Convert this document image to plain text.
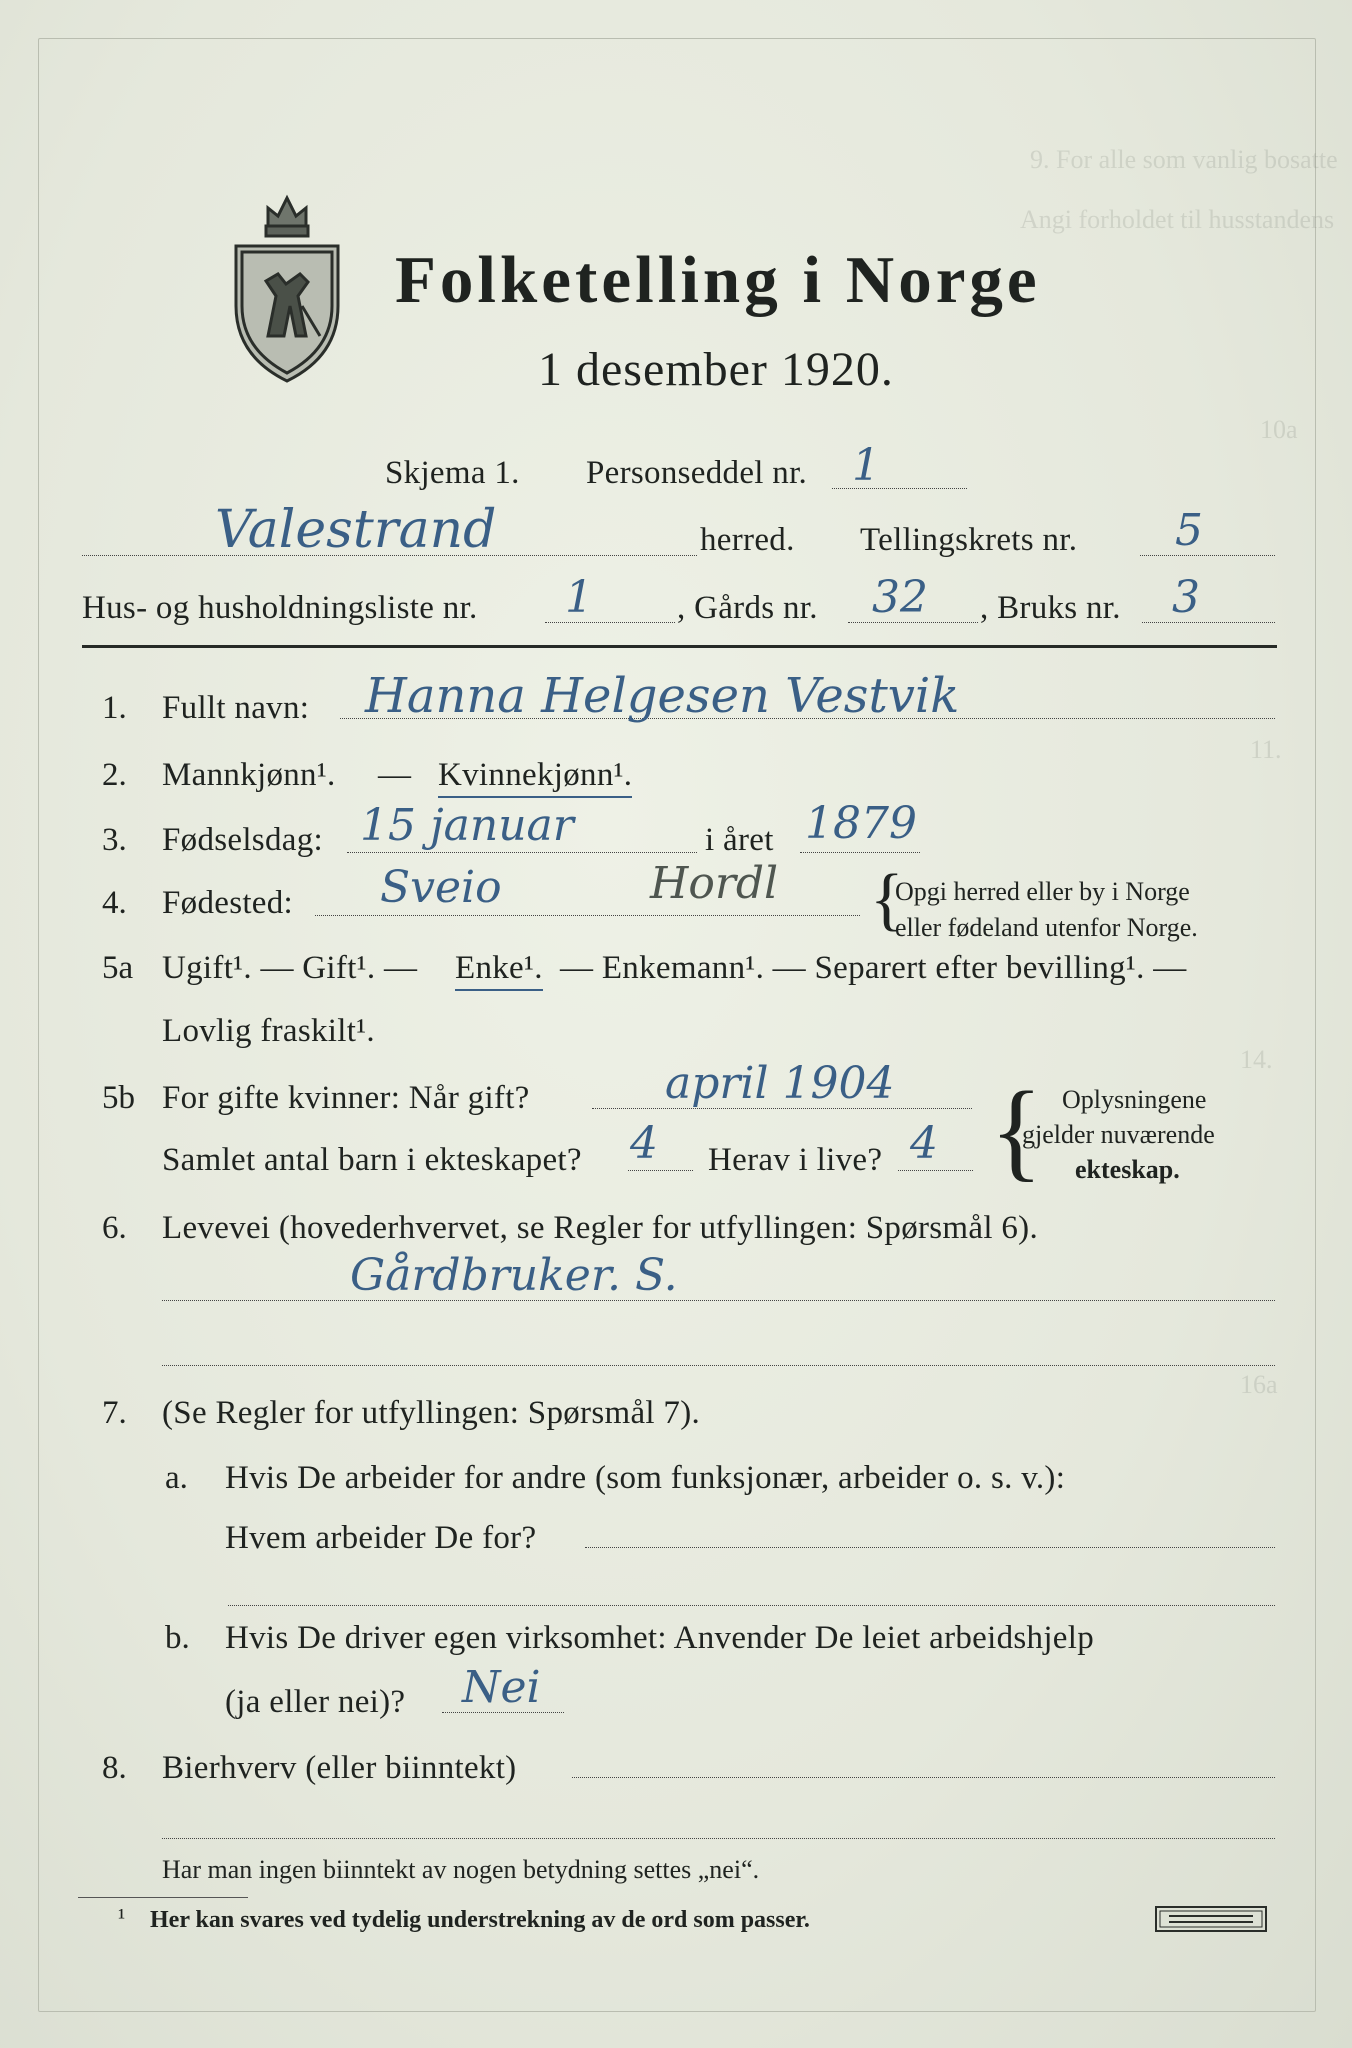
9. For alle som vanlig bosatte
Angi forholdet til husstandens
10a
11.
14.
16a
Folketelling i Norge
1 desember 1920.
Skjema 1. Personseddel nr. 1
Valestrand	herred. Tellingskrets nr. 5
Hus- og husholdningsliste nr. 1	, Gårds nr. 32 , Bruks nr. 3
1. Fullt navn: Hanna Helgesen Vestvik
2. Mannkjønn¹. — Kvinnekjønn¹.
3. Fødselsdag: 15 januar	i året 1879
4. Fødested: Sveio	Hordl {
Opgi herred eller by i Norge
eller fødeland utenfor Norge.
5a Ugift¹. — Gift¹. — Enke¹. — Enkemann¹. — Separert efter bevilling¹. —
Lovlig fraskilt¹.
5b For gifte kvinner: Når gift?	april 1904
Samlet antal barn i ekteskapet? 4 Herav i live? 4 { Oplysningene
gjelder nuværende
ekteskap.
6. Levevei (hovederhvervet, se Regler for utfyllingen: Spørsmål 6).
Gårdbruker. S.
7. (Se Regler for utfyllingen: Spørsmål 7).
a. Hvis De arbeider for andre (som funksjonær, arbeider o. s. v.):
Hvem arbeider De for?
b. Hvis De driver egen virksomhet: Anvender De leiet arbeidshjelp
(ja eller nei)? Nei
8. Bierhverv (eller biinntekt)
Har man ingen biinntekt av nogen betydning settes „nei“.
¹ Her kan svares ved tydelig understrekning av de ord som passer.
